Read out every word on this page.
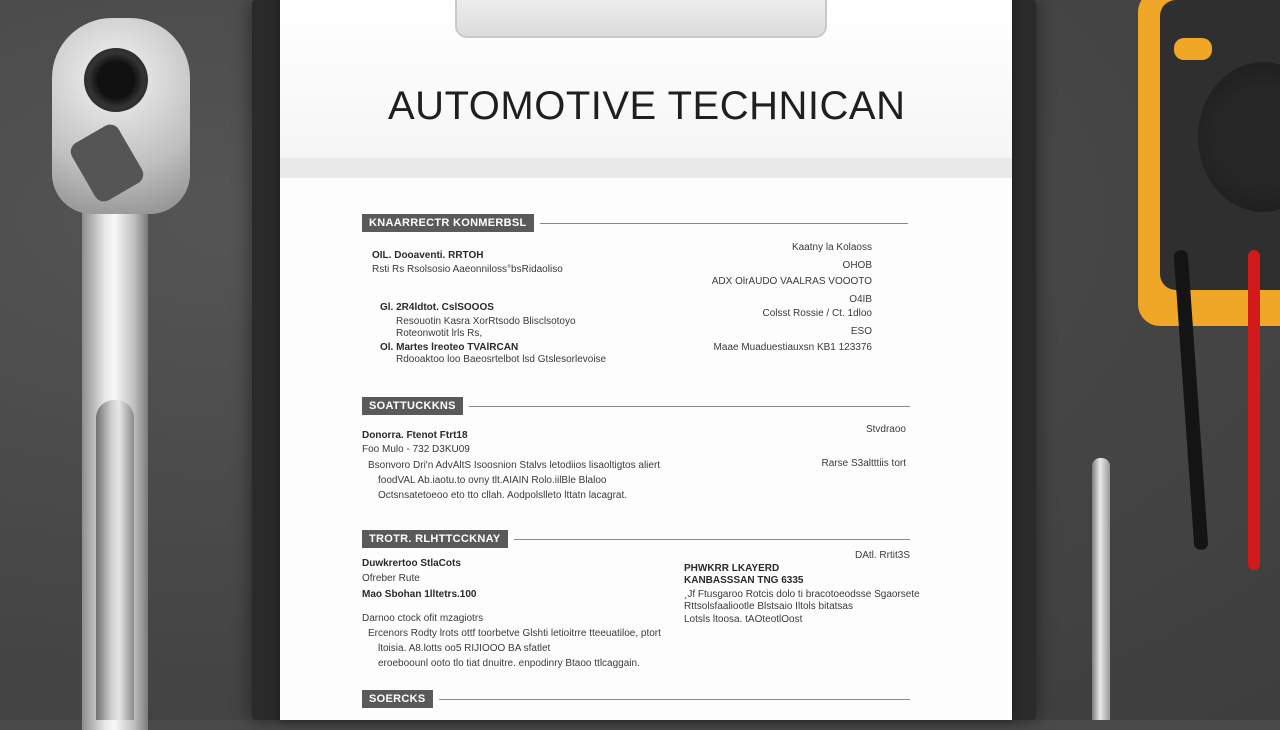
AUTOMOTIVE TECHNICAN
KNAARRECTR KONMERBSL
OIL. Dooaventi. RRTOH
Rsti Rs Rsolsosio Aaeonniloss°bsRidaoliso
Gl. 2R4ldtot. CslSOOOS
Resouotin Kasra XorRtsodo Blisclsotoyo
Roteonwotit lrls Rs,
Ol. Martes lreoteo TVAlRCAN
Rdooaktoo loo Baeosrtelbot lsd Gtslesorlevoise
Kaatny la Kolaoss
OHOB
ADX OlrAUDO VAALRAS VOOOTO
O4IB
Colsst Rossie / Ct. 1dloo
ESO
Maae Muaduestiauxsn KB1 123376
SOATTUCKKNS
Donorra. Ftenot Ftrt18
Foo Mulo - 732 D3KU09
Bsonvoro Dri'n AdvAltS Isoosnion Stalvs letodiios lisaoltigtos aliert
foodVAL Ab.iaotu.to ovny tlt.AIAIN Rolo.iilBle Blaloo
Octsnsatetoeoo eto tto cllah. Aodpolslleto lttatn lacagrat.
Stvdraoo
Rarse S3altttiis tort
TROTR. RLHTTCCKNAY
Duwkrertoo StlaCots
Ofreber Rute
Mao Sbohan 1lltetrs.100
Darnoo ctock ofit mzagiotrs
Ercenors Rodty lrots ottf toorbetve Glshti letioitrre tteeuatiloe, ptort
ltoisia. A8.lotts oo5 RIJIOOO BA sfatlet
eroeboounl ooto tlo tiat dnuitre. enpodinry Btaoo ttlcaggain.
PHWKRR LKAYERD
KANBASSSAN TNG 6335
¸Jf Ftusgaroo Rotcis dolo ti bracotoeodsse Sgaorsete
Rttsolsfaaliootle Blstsaio Iltols bitatsas
Lotsls ltoosa. tAOteotlOost
DAtl. Rrtit3S
SOERCKS
